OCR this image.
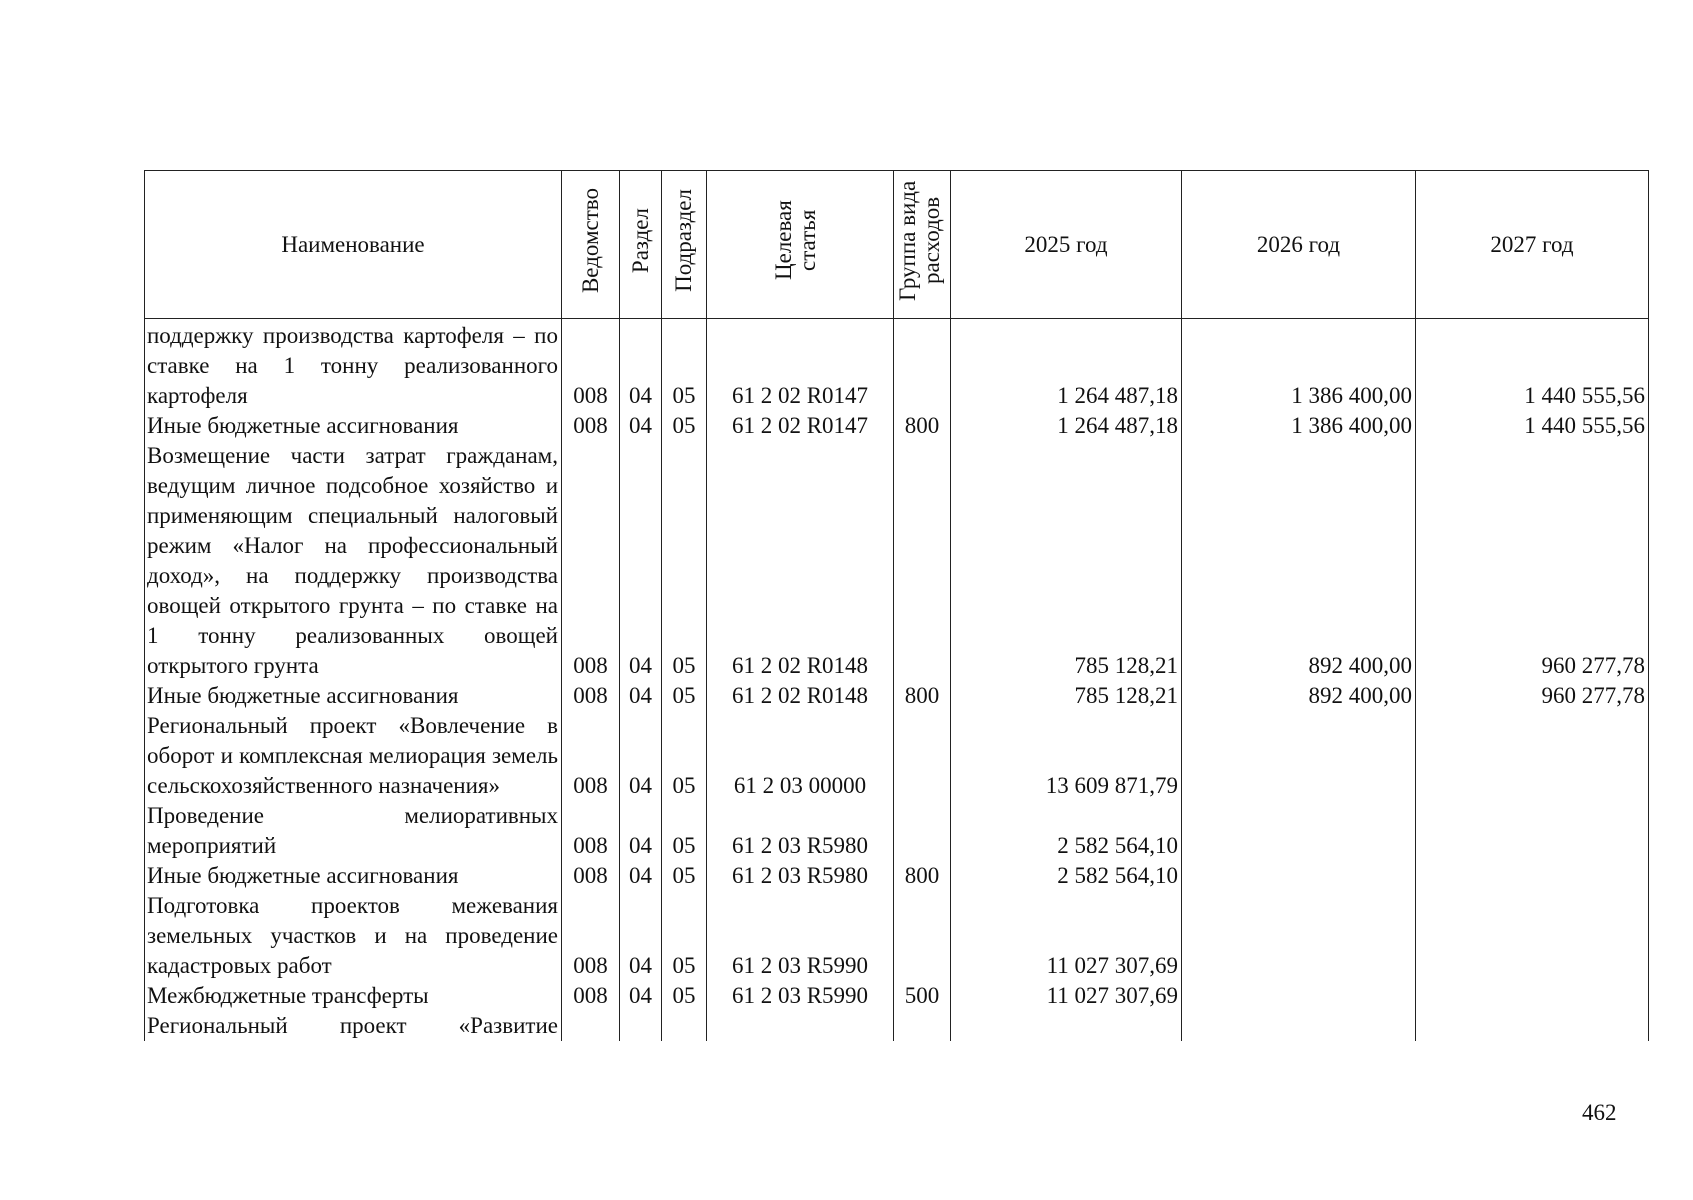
Наименование	Ведомство	Раздел	Подраздел	Целевая статья	Группа вида расходов	2025 год	2026 год	2027 год

поддержку производства картофеля – по ставке на 1 тонну реализованного картофеля	008	04	05	61 2 02 R0147		1 264 487,18	1 386 400,00	1 440 555,56
Иные бюджетные ассигнования	008	04	05	61 2 02 R0147	800	1 264 487,18	1 386 400,00	1 440 555,56
Возмещение части затрат гражданам, ведущим личное подсобное хозяйство и применяющим специальный налоговый режим «Налог на профессиональный доход», на поддержку производства овощей открытого грунта – по ставке на 1 тонну реализованных овощей открытого грунта	008	04	05	61 2 02 R0148		785 128,21	892 400,00	960 277,78
Иные бюджетные ассигнования	008	04	05	61 2 02 R0148	800	785 128,21	892 400,00	960 277,78
Региональный проект «Вовлечение в оборот и комплексная мелиорация земель сельскохозяйственного назначения»	008	04	05	61 2 03 00000		13 609 871,79		
Проведение мелиоративных мероприятий	008	04	05	61 2 03 R5980		2 582 564,10		
Иные бюджетные ассигнования	008	04	05	61 2 03 R5980	800	2 582 564,10		
Подготовка проектов межевания земельных участков и на проведение кадастровых работ	008	04	05	61 2 03 R5990		11 027 307,69		
Межбюджетные трансферты	008	04	05	61 2 03 R5990	500	11 027 307,69		
Региональный проект «Развитие								
462
